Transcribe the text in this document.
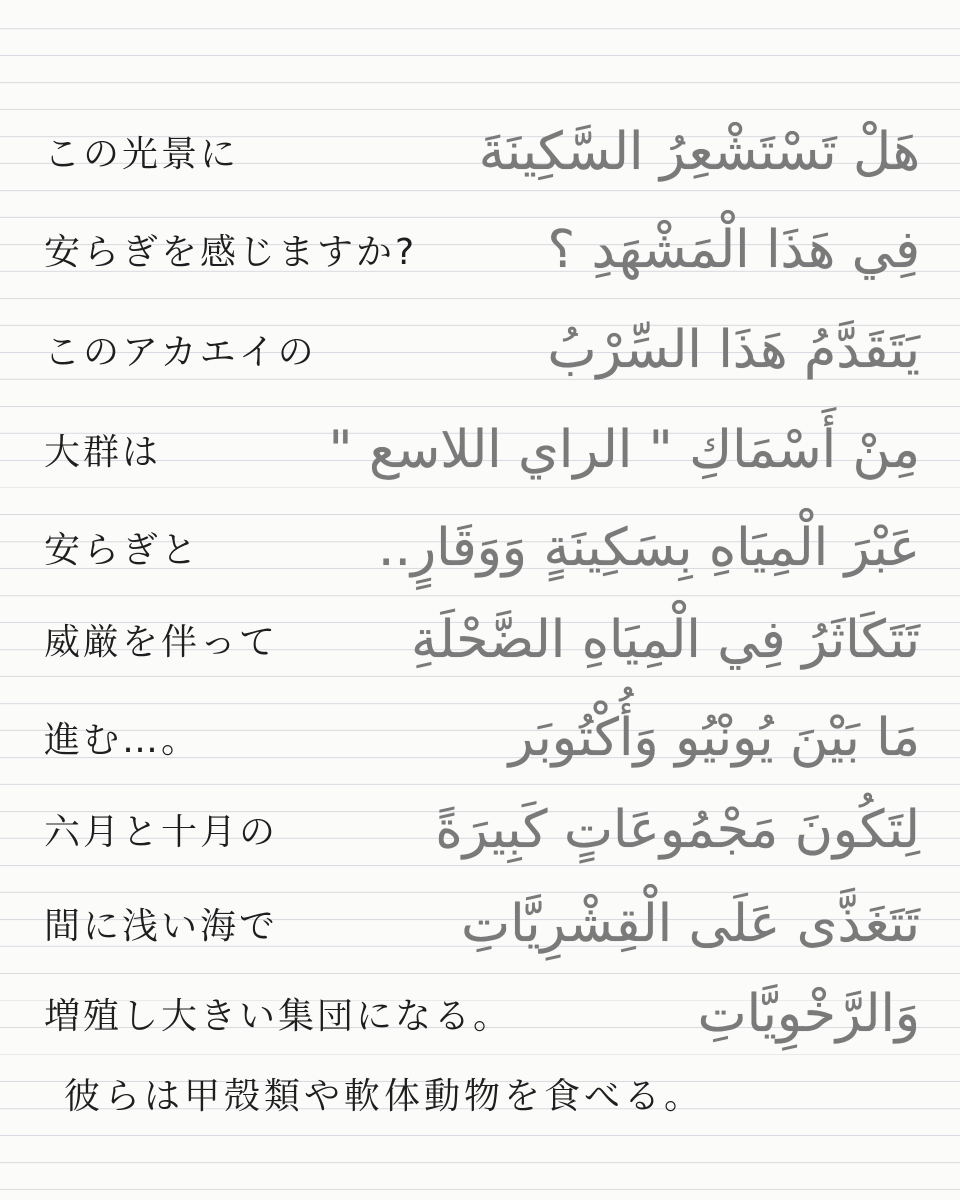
この光景に	هَلْ تَسْتَشْعِرُ السَّكِينَةَ
安らぎを感じますか?	فِي هَذَا الْمَشْهَدِ ؟
このアカエイの	يَتَقَدَّمُ هَذَا السِّرْبُ
大群は	مِنْ أَسْمَاكِ " الراي اللاسع "
安らぎと	عَبْرَ الْمِيَاهِ بِسَكِينَةٍ وَوَقَارٍ..
威厳を伴って	تَتَكَاثَرُ فِي الْمِيَاهِ الضَّحْلَةِ
進む…。	مَا بَيْنَ يُونْيُو وَأُكْتُوبَر
六月と十月の	لِتَكُونَ مَجْمُوعَاتٍ كَبِيرَةً
間に浅い海で	تَتَغَذَّى عَلَى الْقِشْرِيَّاتِ
増殖し大きい集団になる。	وَالرَّخْوِيَّاتِ
彼らは甲殻類や軟体動物を食べる。
